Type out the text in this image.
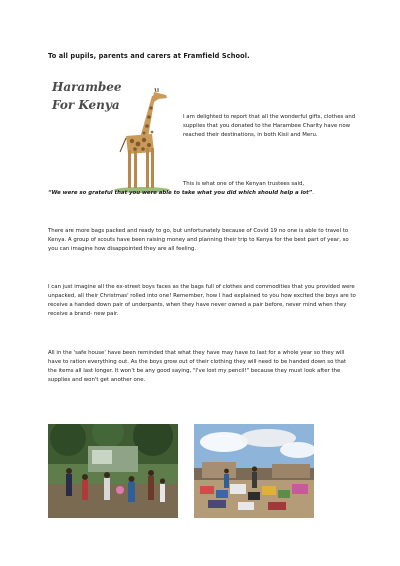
To all pupils, parents and carers at Framfield School.
Harambee
For Kenya
I am delighted to report that all the wonderful gifts, clothes and supplies that you donated to the Harambee Charity have now reached their destinations, in both Kisii and Meru.
This is what one of the Kenyan trustees said,
“We were so grateful that you were able to take what you did which should help a lot”.
There are more bags packed and ready to go, but unfortunately because of Covid 19 no one is able to travel to Kenya. A group of scouts have been raising money and planning their trip to Kenya for the best part of year, so you can imagine how disappointed they are all feeling.
I can just imagine all the ex-street boys faces as the bags full of clothes and commodities that you provided were unpacked, all their Christmas' rolled into one! Remember, how I had explained to you how excited the boys are to receive a handed down pair of underpants, when they have never owned a pair before, never mind when they receive a brand- new pair.
All in the 'safe house' have been reminded that what they have may have to last for a whole year so they will have to ration everything out. As the boys grow out of their clothing they will need to be handed down so that the items all last longer. It won't be any good saying, "I've lost my pencil!" because they must look after the supplies and won't get another one.
